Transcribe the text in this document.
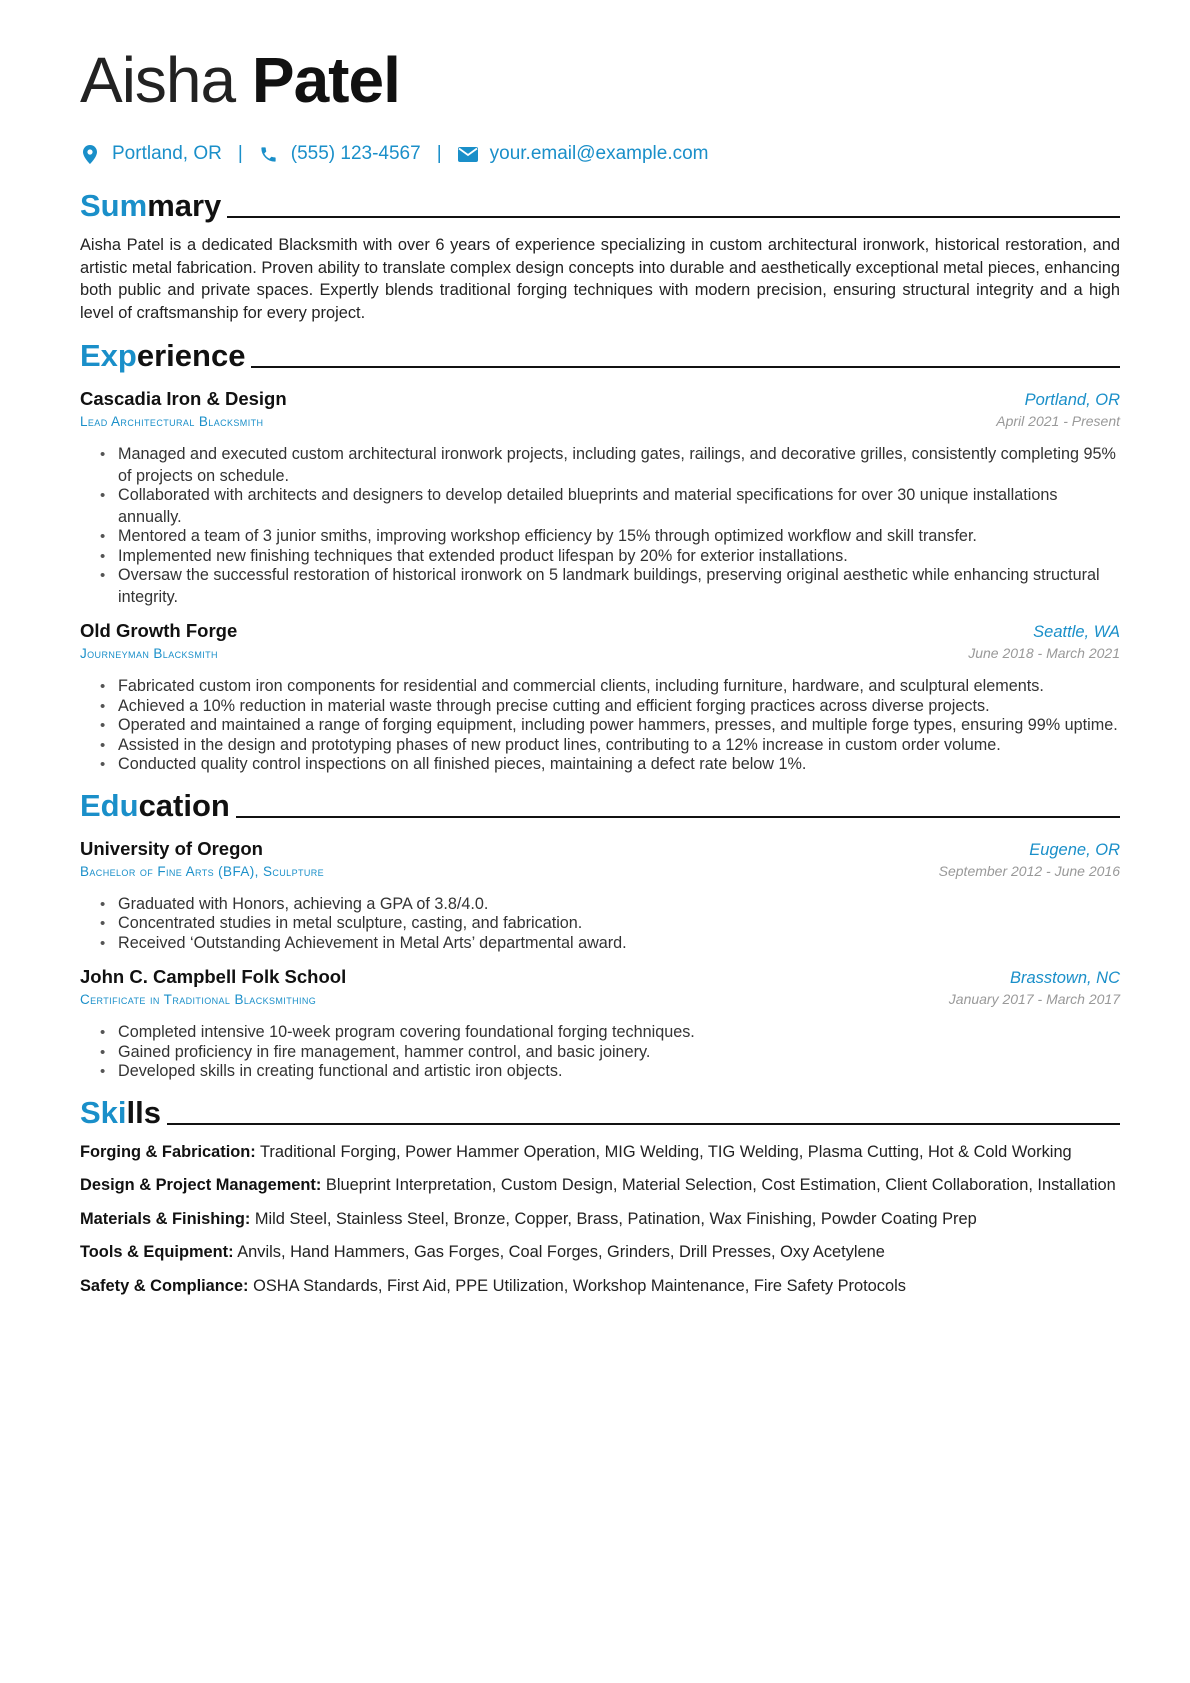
Aisha Patel
Portland, OR |	(555) 123-4567 |	your.email@example.com
Summary

Aisha Patel is a dedicated Blacksmith with over 6 years of experience specializing in custom architectural ironwork, historical restoration, and artistic metal fabrication. Proven ability to translate complex design concepts into durable and aesthetically exceptional metal pieces, enhancing both public and private spaces. Expertly blends traditional forging techniques with modern precision, ensuring structural integrity and a high level of craftsmanship for every project.

Experience
Cascadia Iron & Design	Portland, OR
Lead Architectural Blacksmith	April 2021 - Present
• Managed and executed custom architectural ironwork projects, including gates, railings, and decorative grilles, consistently completing 95% of projects on schedule.
• Collaborated with architects and designers to develop detailed blueprints and material specifications for over 30 unique installations annually.
• Mentored a team of 3 junior smiths, improving workshop efficiency by 15% through optimized workflow and skill transfer.
• Implemented new finishing techniques that extended product lifespan by 20% for exterior installations.
• Oversaw the successful restoration of historical ironwork on 5 landmark buildings, preserving original aesthetic while enhancing structural integrity.
Old Growth Forge	Seattle, WA
Journeyman Blacksmith	June 2018 - March 2021
• Fabricated custom iron components for residential and commercial clients, including furniture, hardware, and sculptural elements.
• Achieved a 10% reduction in material waste through precise cutting and efficient forging practices across diverse projects.
• Operated and maintained a range of forging equipment, including power hammers, presses, and multiple forge types, ensuring 99% uptime.
• Assisted in the design and prototyping phases of new product lines, contributing to a 12% increase in custom order volume.
• Conducted quality control inspections on all finished pieces, maintaining a defect rate below 1%.
Education
University of Oregon	Eugene, OR
Bachelor of Fine Arts (BFA), Sculpture	September 2012 - June 2016
• Graduated with Honors, achieving a GPA of 3.8/4.0.
• Concentrated studies in metal sculpture, casting, and fabrication.
• Received ‘Outstanding Achievement in Metal Arts’ departmental award.
John C. Campbell Folk School	Brasstown, NC
Certificate in Traditional Blacksmithing	January 2017 - March 2017
• Completed intensive 10-week program covering foundational forging techniques.
• Gained proficiency in fire management, hammer control, and basic joinery.
• Developed skills in creating functional and artistic iron objects.
Skills
Forging & Fabrication: Traditional Forging, Power Hammer Operation, MIG Welding, TIG Welding, Plasma Cutting, Hot & Cold Working
Design & Project Management: Blueprint Interpretation, Custom Design, Material Selection, Cost Estimation, Client Collaboration, Installation
Materials & Finishing: Mild Steel, Stainless Steel, Bronze, Copper, Brass, Patination, Wax Finishing, Powder Coating Prep
Tools & Equipment: Anvils, Hand Hammers, Gas Forges, Coal Forges, Grinders, Drill Presses, Oxy Acetylene
Safety & Compliance: OSHA Standards, First Aid, PPE Utilization, Workshop Maintenance, Fire Safety Protocols
